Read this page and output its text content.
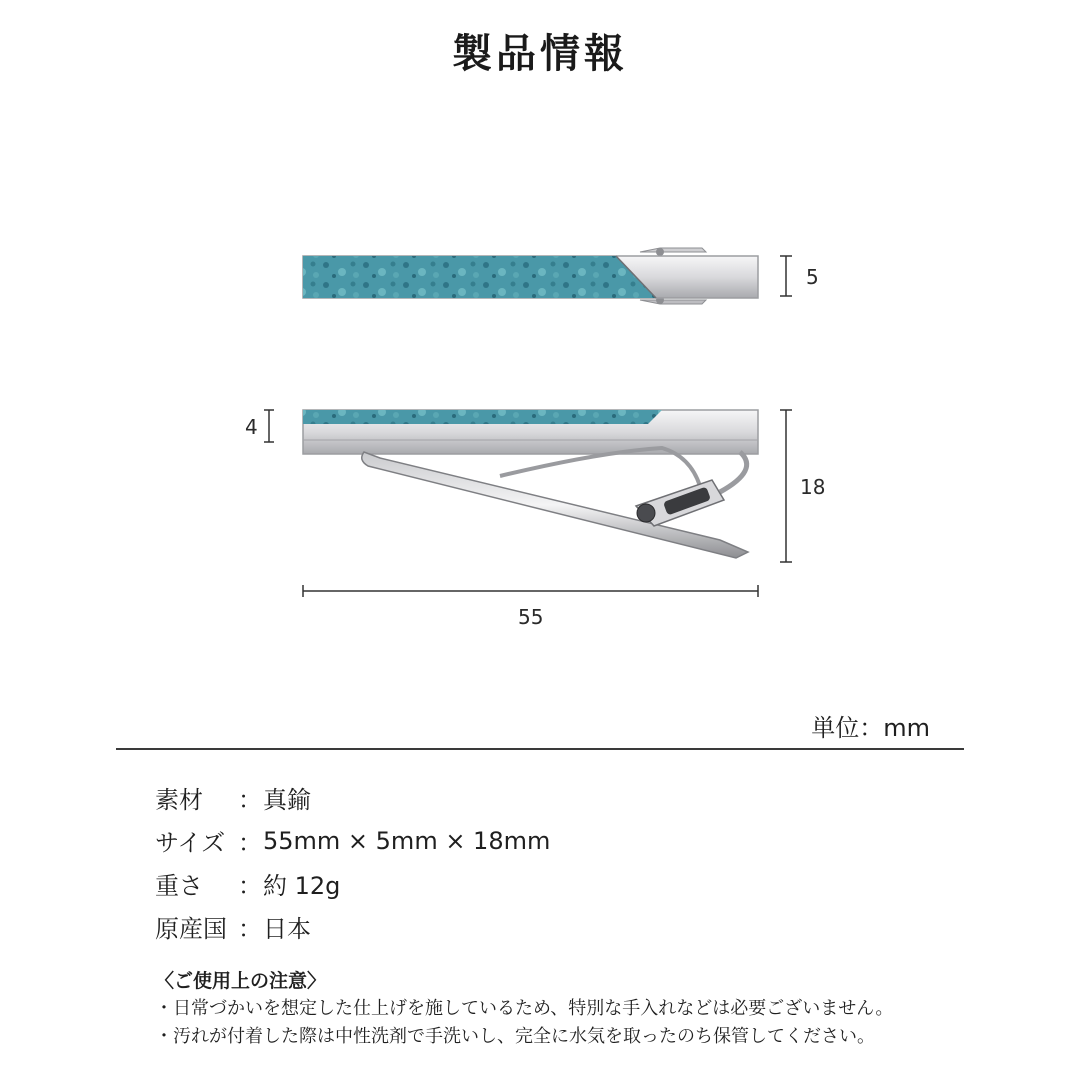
製品情報
5
4
18
55
単位：mm
素材	： 真鍮
サイズ ： 55mm × 5mm × 18mm
重さ	： 約 12g
原産国 ： 日本
〈ご使用上の注意〉
・日常づかいを想定した仕上げを施しているため、特別な手入れなどは必要ございません。
・汚れが付着した際は中性洗剤で手洗いし、完全に水気を取ったのち保管してください。
